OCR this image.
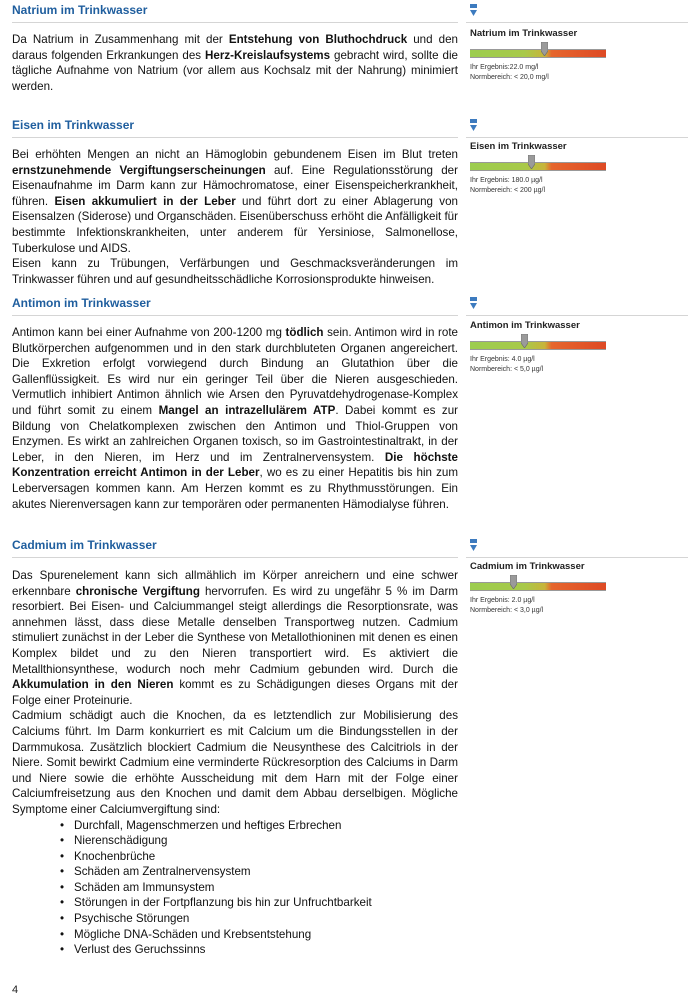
Natrium im Trinkwasser

Da Natrium in Zusammenhang mit der Entstehung von Bluthochdruck und den daraus folgenden Erkrankungen des Herz-Kreislaufsystems gebracht wird, sollte die tägliche Aufnahme von Natrium (vor allem aus Kochsalz mit der Nahrung) minimiert werden.

Natrium im Trinkwasser
Ihr Ergebnis:22.0 mg/l
Normbereich: < 20,0 mg/l
Eisen im Trinkwasser

Bei erhöhten Mengen an nicht an Hämoglobin gebundenem Eisen im Blut treten ernstzunehmende Vergiftungserscheinungen auf. Eine Regulationsstörung der Eisenaufnahme im Darm kann zur Hämochromatose, einer Eisenspeicherkrankheit, führen. Eisen akkumuliert in der Leber und führt dort zu einer Ablagerung von Eisensalzen (Siderose) und Organschäden. Eisenüberschuss erhöht die Anfälligkeit für bestimmte Infektionskrankheiten, unter anderem für Yersiniose, Salmonellose, Tuberkulose und AIDS.

Eisen kann zu Trübungen, Verfärbungen und Geschmacksveränderungen im Trinkwasser führen und auf gesundheitsschädliche Korrosionsprodukte hinweisen.

Eisen im Trinkwasser
Ihr Ergebnis: 180.0 µg/l
Normbereich: < 200 µg/l
Antimon im Trinkwasser

Antimon kann bei einer Aufnahme von 200-1200 mg tödlich sein. Antimon wird in rote Blutkörperchen aufgenommen und in den stark durchbluteten Organen angereichert. Die Exkretion erfolgt vorwiegend durch Bindung an Glutathion über die Gallenflüssigkeit. Es wird nur ein geringer Teil über die Nieren ausgeschieden. Vermutlich inhibiert Antimon ähnlich wie Arsen den Pyruvatdehydrogenase-Komplex und führt somit zu einem Mangel an intrazellulärem ATP. Dabei kommt es zur Bildung von Chelatkomplexen zwischen den Antimon und Thiol-Gruppen von Enzymen. Es wirkt an zahlreichen Organen toxisch, so im Gastrointestinaltrakt, in der Leber, in den Nieren, im Herz und im Zentralnervensystem. Die höchste Konzentration erreicht Antimon in der Leber, wo es zu einer Hepatitis bis hin zum Leberversagen kommen kann. Am Herzen kommt es zu Rhythmusstörungen. Ein akutes Nierenversagen kann zur temporären oder permanenten Hämodialyse führen.

Antimon im Trinkwasser
Ihr Ergebnis: 4.0 µg/l
Normbereich: < 5,0 µg/l
Cadmium im Trinkwasser

Das Spurenelement kann sich allmählich im Körper anreichern und eine schwer erkennbare chronische Vergiftung hervorrufen. Es wird zu ungefähr 5 % im Darm resorbiert. Bei Eisen- und Calciummangel steigt allerdings die Resorptionsrate, was annehmen lässt, dass diese Metalle denselben Transportweg nutzen. Cadmium stimuliert zunächst in der Leber die Synthese von Metallothioninen mit denen es einen Komplex bildet und zu den Nieren transportiert wird. Es aktiviert die Metallthionsynthese, wodurch noch mehr Cadmium gebunden wird. Durch die Akkumulation in den Nieren kommt es zu Schädigungen dieses Organs mit der Folge einer Proteinurie.

Cadmium schädigt auch die Knochen, da es letztendlich zur Mobilisierung des Calciums führt. Im Darm konkurriert es mit Calcium um die Bindungsstellen in der Darmmukosa. Zusätzlich blockiert Cadmium die Neusynthese des Calcitriols in der Niere. Somit bewirkt Cadmium eine verminderte Rückresorption des Calciums in Darm und Niere sowie die erhöhte Ausscheidung mit dem Harn mit der Folge einer Calciumfreisetzung aus den Knochen und damit dem Abbau derselbigen. Mögliche Symptome einer Calciumvergiftung sind:

• Durchfall, Magenschmerzen und heftiges Erbrechen
• Nierenschädigung
• Knochenbrüche
• Schäden am Zentralnervensystem
• Schäden am Immunsystem
• Störungen in der Fortpflanzung bis hin zur Unfruchtbarkeit
• Psychische Störungen
• Mögliche DNA-Schäden und Krebsentstehung
• Verlust des Geruchssinns
Cadmium im Trinkwasser
Ihr Ergebnis: 2.0 µg/l
Normbereich: < 3,0 µg/l
4
